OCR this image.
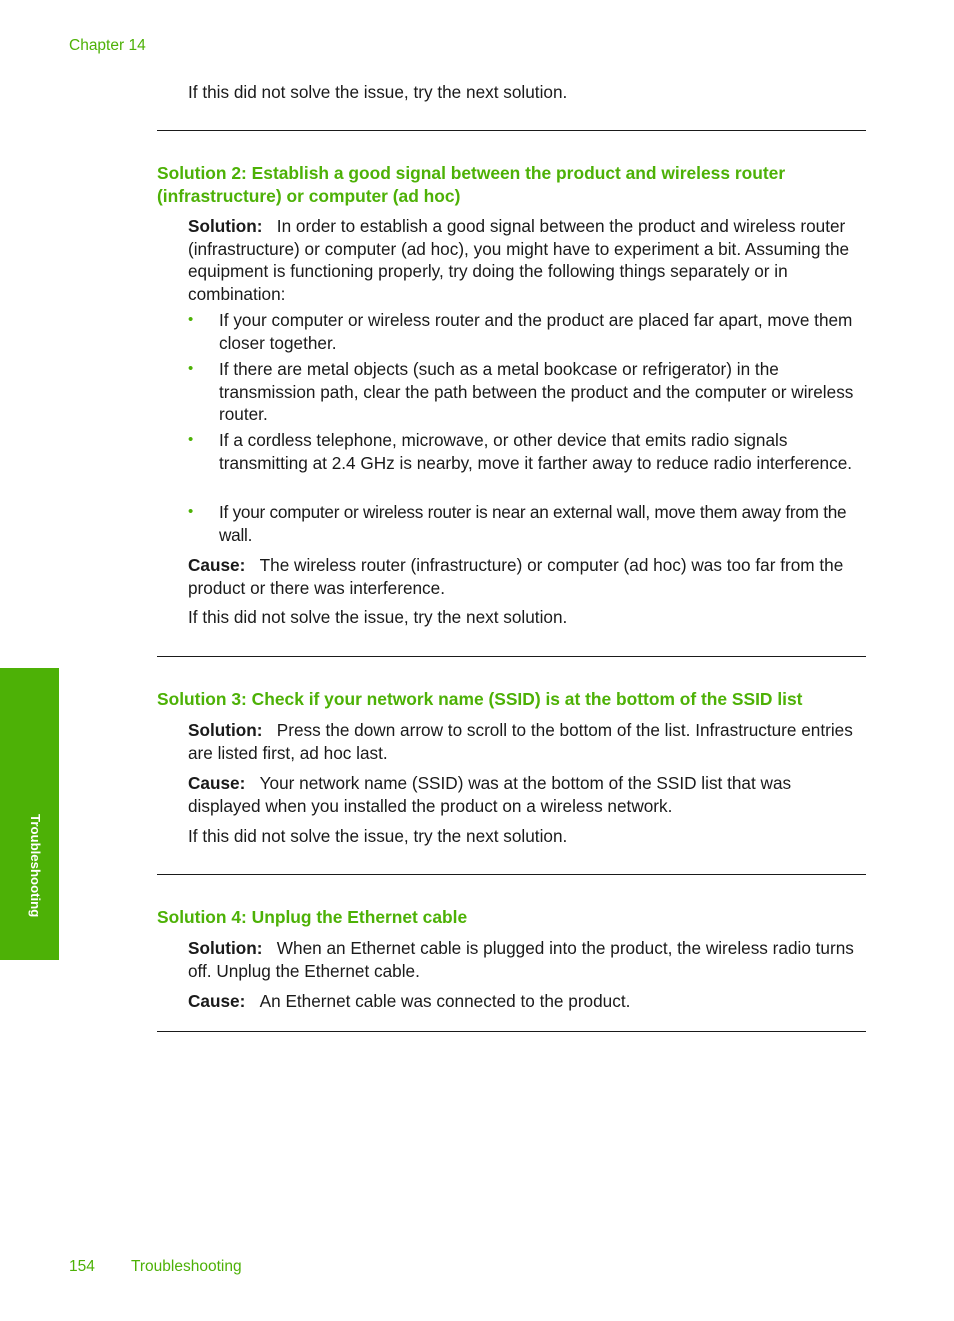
Chapter 14

If this did not solve the issue, try the next solution.

Solution 2: Establish a good signal between the product and wireless router
(infrastructure) or computer (ad hoc)

Solution: In order to establish a good signal between the product and wireless router (infrastructure) or computer (ad hoc), you might have to experiment a bit. Assuming the equipment is functioning properly, try doing the following things separately or in combination:

• If your computer or wireless router and the product are placed far apart, move them closer together.
• If there are metal objects (such as a metal bookcase or refrigerator) in the transmission path, clear the path between the product and the computer or wireless router.
• If a cordless telephone, microwave, or other device that emits radio signals transmitting at 2.4 GHz is nearby, move it farther away to reduce radio interference.
• If your computer or wireless router is near an external wall, move them away from the wall.

Cause: The wireless router (infrastructure) or computer (ad hoc) was too far from the product or there was interference.

If this did not solve the issue, try the next solution.

Solution 3: Check if your network name (SSID) is at the bottom of the SSID list

Solution: Press the down arrow to scroll to the bottom of the list. Infrastructure entries are listed first, ad hoc last.

Cause: Your network name (SSID) was at the bottom of the SSID list that was displayed when you installed the product on a wireless network.

If this did not solve the issue, try the next solution.

Solution 4: Unplug the Ethernet cable

Solution: When an Ethernet cable is plugged into the product, the wireless radio turns off. Unplug the Ethernet cable.

Cause: An Ethernet cable was connected to the product.

Troubleshooting
154 Troubleshooting
